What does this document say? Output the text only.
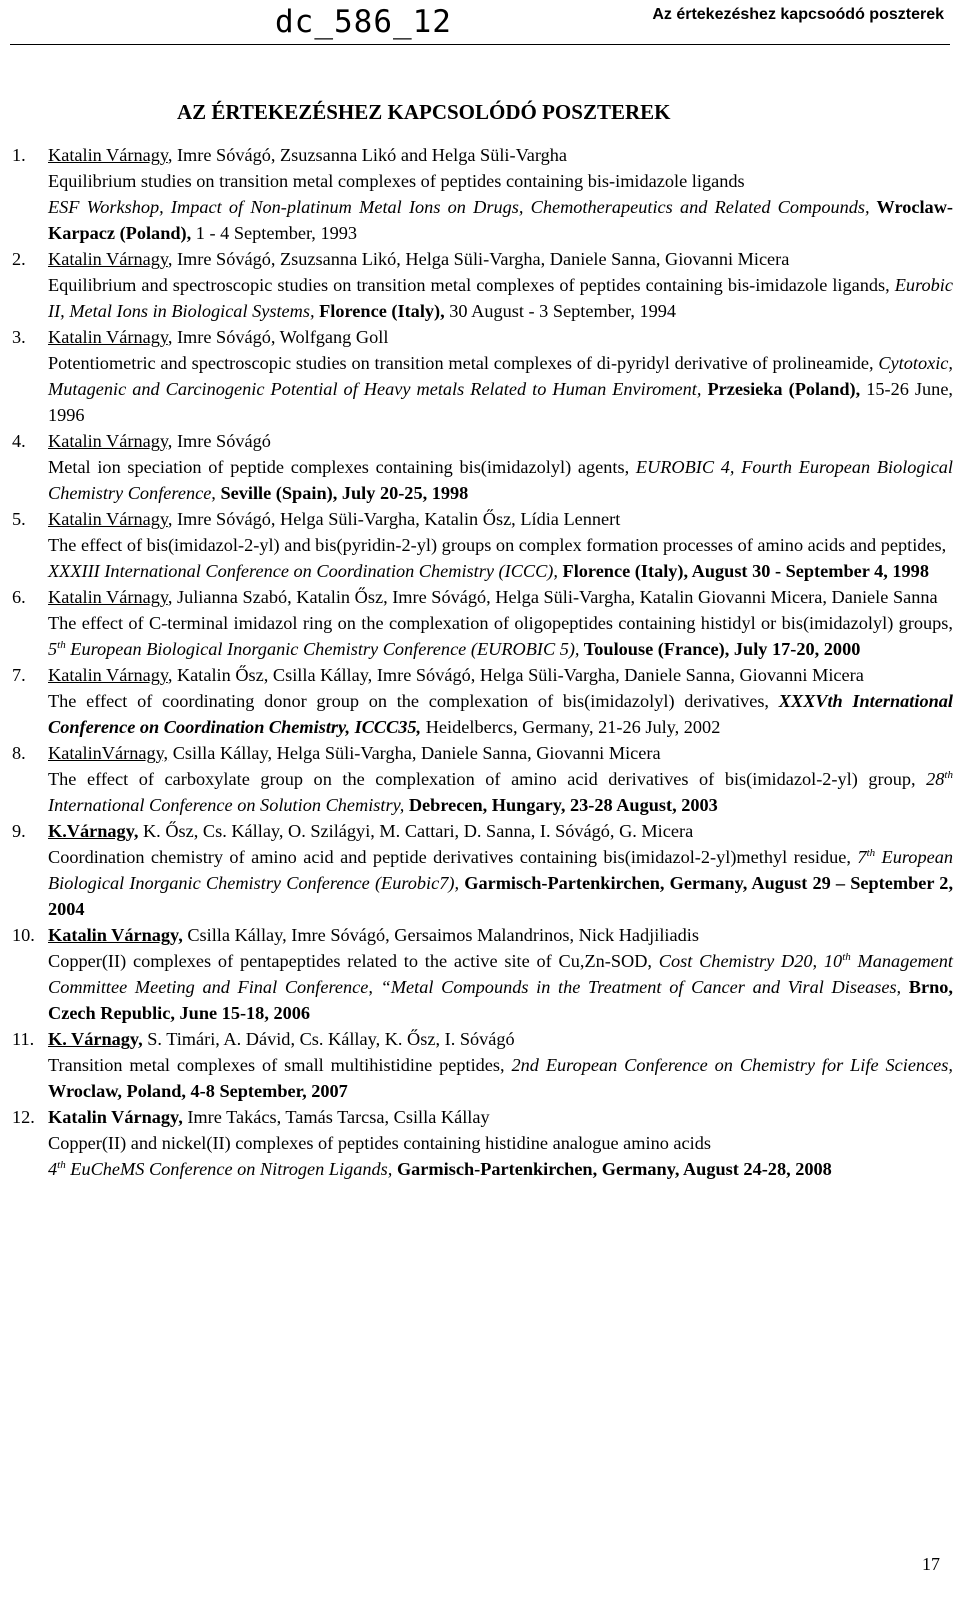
dc_586_12	Az értekezéshez kapcsoódó poszterek
AZ ÉRTEKEZÉSHEZ KAPCSOLÓDÓ POSZTEREK
1.	Katalin Várnagy, Imre Sóvágó, Zsuzsanna Likó and Helga Süli-Vargha
Equilibrium studies on transition metal complexes of peptides containing bis-imidazole ligands
ESF Workshop, Impact of Non-platinum Metal Ions on Drugs, Chemotherapeutics and Related Compounds, Wroclaw-Karpacz (Poland), 1 - 4 September, 1993
2.	Katalin Várnagy, Imre Sóvágó, Zsuzsanna Likó, Helga Süli-Vargha, Daniele Sanna, Giovanni Micera
Equilibrium and spectroscopic studies on transition metal complexes of peptides containing bis-imidazole ligands, Eurobic II, Metal Ions in Biological Systems, Florence (Italy), 30 August - 3 September, 1994
3.	Katalin Várnagy, Imre Sóvágó, Wolfgang Goll
Potentiometric and spectroscopic studies on transition metal complexes of di-pyridyl derivative of prolineamide, Cytotoxic, Mutagenic and Carcinogenic Potential of Heavy metals Related to Human Enviroment, Przesieka (Poland), 15-26 June, 1996
4.	Katalin Várnagy, Imre Sóvágó
Metal ion speciation of peptide complexes containing bis(imidazolyl) agents, EUROBIC 4, Fourth European Biological Chemistry Conference, Seville (Spain), July 20-25, 1998
5.	Katalin Várnagy, Imre Sóvágó, Helga Süli-Vargha, Katalin Ősz, Lídia Lennert
The effect of bis(imidazol-2-yl) and bis(pyridin-2-yl) groups on complex formation processes of amino acids and peptides,
XXXIII International Conference on Coordination Chemistry (ICCC), Florence (Italy), August 30 - September 4, 1998
6.	Katalin Várnagy, Julianna Szabó, Katalin Ősz, Imre Sóvágó, Helga Süli-Vargha, Katalin Giovanni Micera, Daniele Sanna
The effect of C-terminal imidazol ring on the complexation of oligopeptides containing histidyl or bis(imidazolyl) groups, 5th European Biological Inorganic Chemistry Conference (EUROBIC 5), Toulouse (France), July 17-20, 2000
7.	Katalin Várnagy, Katalin Ősz, Csilla Kállay, Imre Sóvágó, Helga Süli-Vargha, Daniele Sanna, Giovanni Micera
The effect of coordinating donor group on the complexation of bis(imidazolyl) derivatives, XXXVth International Conference on Coordination Chemistry, ICCC35, Heidelbercs, Germany, 21-26 July, 2002
8.	KatalinVárnagy, Csilla Kállay, Helga Süli-Vargha, Daniele Sanna, Giovanni Micera
The effect of carboxylate group on the complexation of amino acid derivatives of bis(imidazol-2-yl) group, 28th International Conference on Solution Chemistry, Debrecen, Hungary, 23-28 August, 2003
9.	K.Várnagy, K. Ősz, Cs. Kállay, O. Szilágyi, M. Cattari, D. Sanna, I. Sóvágó, G. Micera
Coordination chemistry of amino acid and peptide derivatives containing bis(imidazol-2-yl)methyl residue, 7th European Biological Inorganic Chemistry Conference (Eurobic7), Garmisch-Partenkirchen, Germany, August 29 – September 2, 2004
10. Katalin Várnagy, Csilla Kállay, Imre Sóvágó, Gersaimos Malandrinos, Nick Hadjiliadis
Copper(II) complexes of pentapeptides related to the active site of Cu,Zn-SOD, Cost Chemistry D20, 10th Management Committee Meeting and Final Conference, “Metal Compounds in the Treatment of Cancer and Viral Diseases, Brno, Czech Republic, June 15-18, 2006
11. K. Várnagy, S. Timári, A. Dávid, Cs. Kállay, K. Ősz, I. Sóvágó
Transition metal complexes of small multihistidine peptides, 2nd European Conference on Chemistry for Life Sciences, Wroclaw, Poland, 4-8 September, 2007
12. Katalin Várnagy, Imre Takács, Tamás Tarcsa, Csilla Kállay
Copper(II) and nickel(II) complexes of peptides containing histidine analogue amino acids
4th EuCheMS Conference on Nitrogen Ligands, Garmisch-Partenkirchen, Germany, August 24-28, 2008
17
